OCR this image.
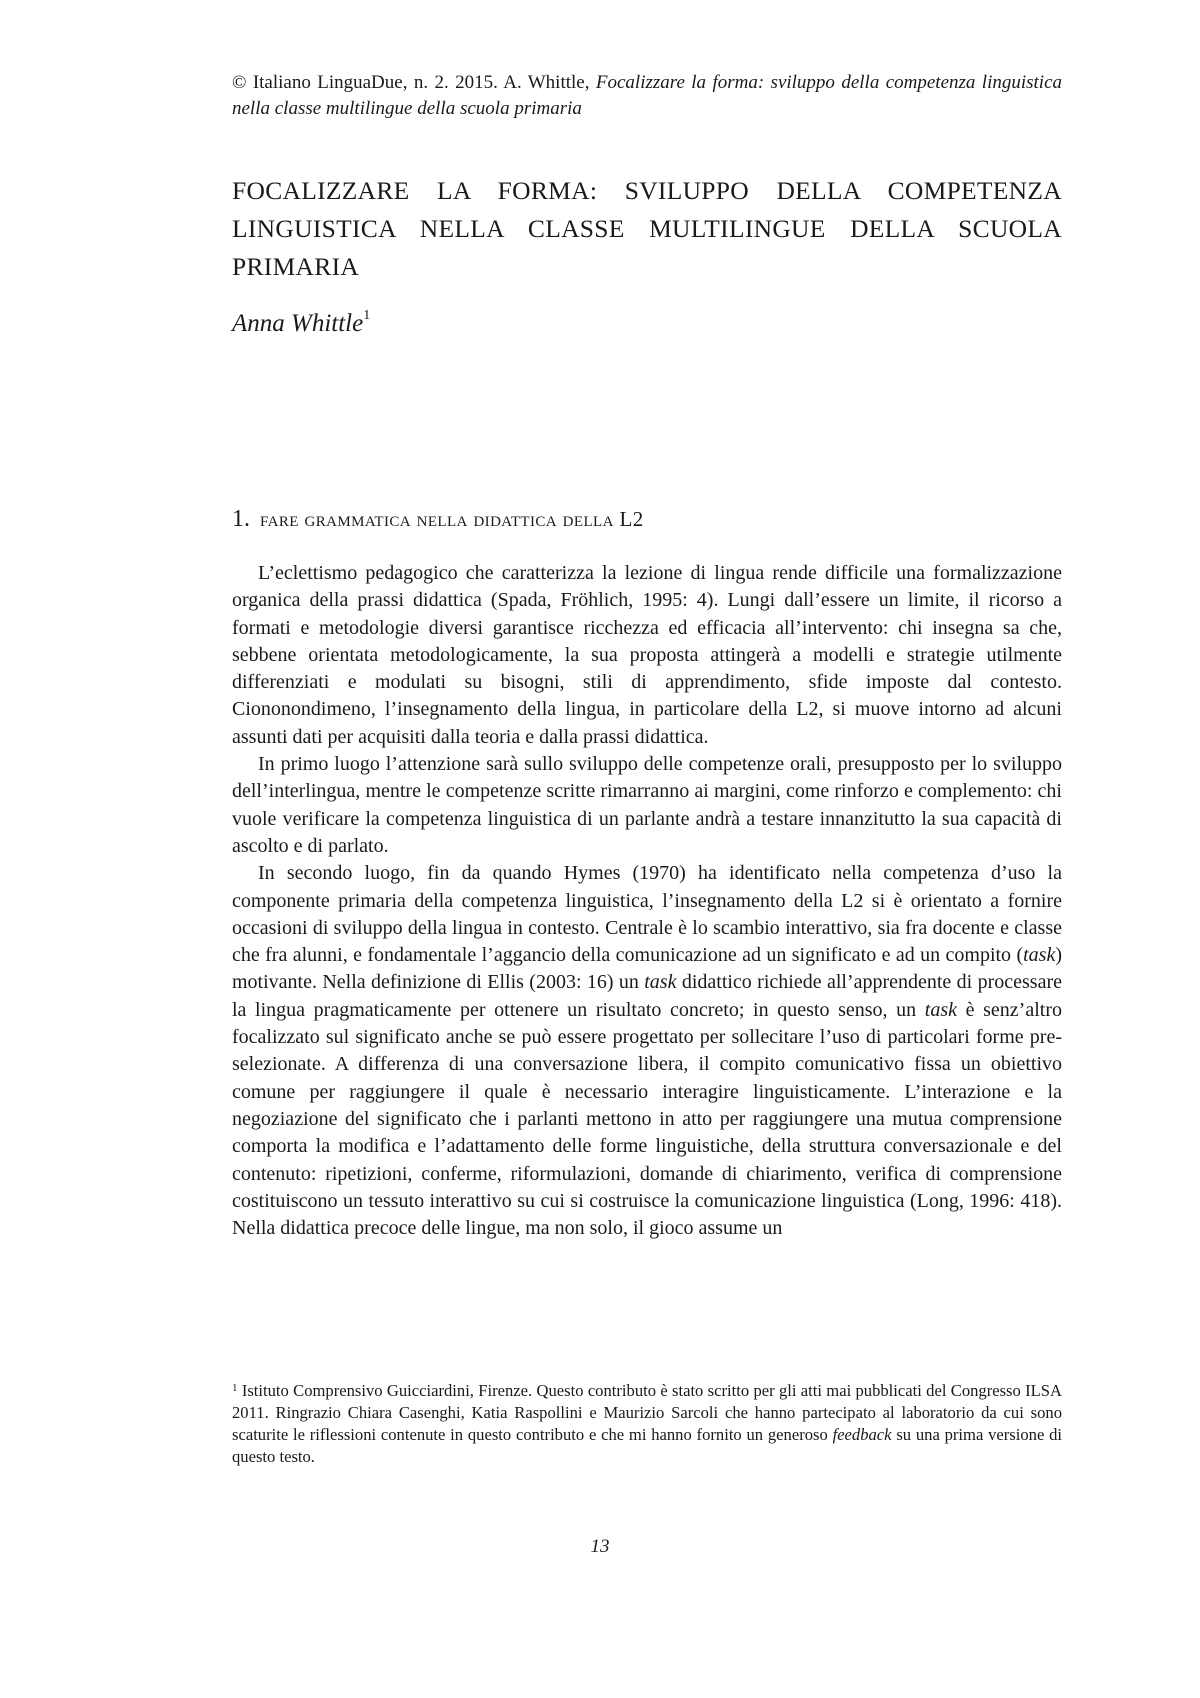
© Italiano LinguaDue, n. 2. 2015. A. Whittle, Focalizzare la forma: sviluppo della competenza linguistica nella classe multilingue della scuola primaria
FOCALIZZARE LA FORMA: SVILUPPO DELLA COMPETENZA LINGUISTICA NELLA CLASSE MULTILINGUE DELLA SCUOLA PRIMARIA
Anna Whittle$^1$
1. fare grammatica nella didattica della L2

L’eclettismo pedagogico che caratterizza la lezione di lingua rende difficile una formalizzazione organica della prassi didattica (Spada, Fröhlich, 1995: 4). Lungi dall’essere un limite, il ricorso a formati e metodologie diversi garantisce ricchezza ed efficacia all’intervento: chi insegna sa che, sebbene orientata metodologicamente, la sua proposta attingerà a modelli e strategie utilmente differenziati e modulati su bisogni, stili di apprendimento, sfide imposte dal contesto. Ciononondimeno, l’insegnamento della lingua, in particolare della L2, si muove intorno ad alcuni assunti dati per acquisiti dalla teoria e dalla prassi didattica.

In primo luogo l’attenzione sarà sullo sviluppo delle competenze orali, presupposto per lo sviluppo dell’interlingua, mentre le competenze scritte rimarranno ai margini, come rinforzo e complemento: chi vuole verificare la competenza linguistica di un parlante andrà a testare innanzitutto la sua capacità di ascolto e di parlato.

In secondo luogo, fin da quando Hymes (1970) ha identificato nella competenza d’uso la componente primaria della competenza linguistica, l’insegnamento della L2 si è orientato a fornire occasioni di sviluppo della lingua in contesto. Centrale è lo scambio interattivo, sia fra docente e classe che fra alunni, e fondamentale l’aggancio della comunicazione ad un significato e ad un compito (task) motivante. Nella definizione di Ellis (2003: 16) un task didattico richiede all’apprendente di processare la lingua pragmaticamente per ottenere un risultato concreto; in questo senso, un task è senz’altro focalizzato sul significato anche se può essere progettato per sollecitare l’uso di particolari forme pre-selezionate. A differenza di una conversazione libera, il compito comunicativo fissa un obiettivo comune per raggiungere il quale è necessario interagire linguisticamente. L’interazione e la negoziazione del significato che i parlanti mettono in atto per raggiungere una mutua comprensione comporta la modifica e l’adattamento delle forme linguistiche, della struttura conversazionale e del contenuto: ripetizioni, conferme, riformulazioni, domande di chiarimento, verifica di comprensione costituiscono un tessuto interattivo su cui si costruisce la comunicazione linguistica (Long, 1996: 418). Nella didattica precoce delle lingue, ma non solo, il gioco assume un

$^1$ Istituto Comprensivo Guicciardini, Firenze. Questo contributo è stato scritto per gli atti mai pubblicati del Congresso ILSA 2011. Ringrazio Chiara Casenghi, Katia Raspollini e Maurizio Sarcoli che hanno partecipato al laboratorio da cui sono scaturite le riflessioni contenute in questo contributo e che mi hanno fornito un generoso feedback su una prima versione di questo testo.
13
